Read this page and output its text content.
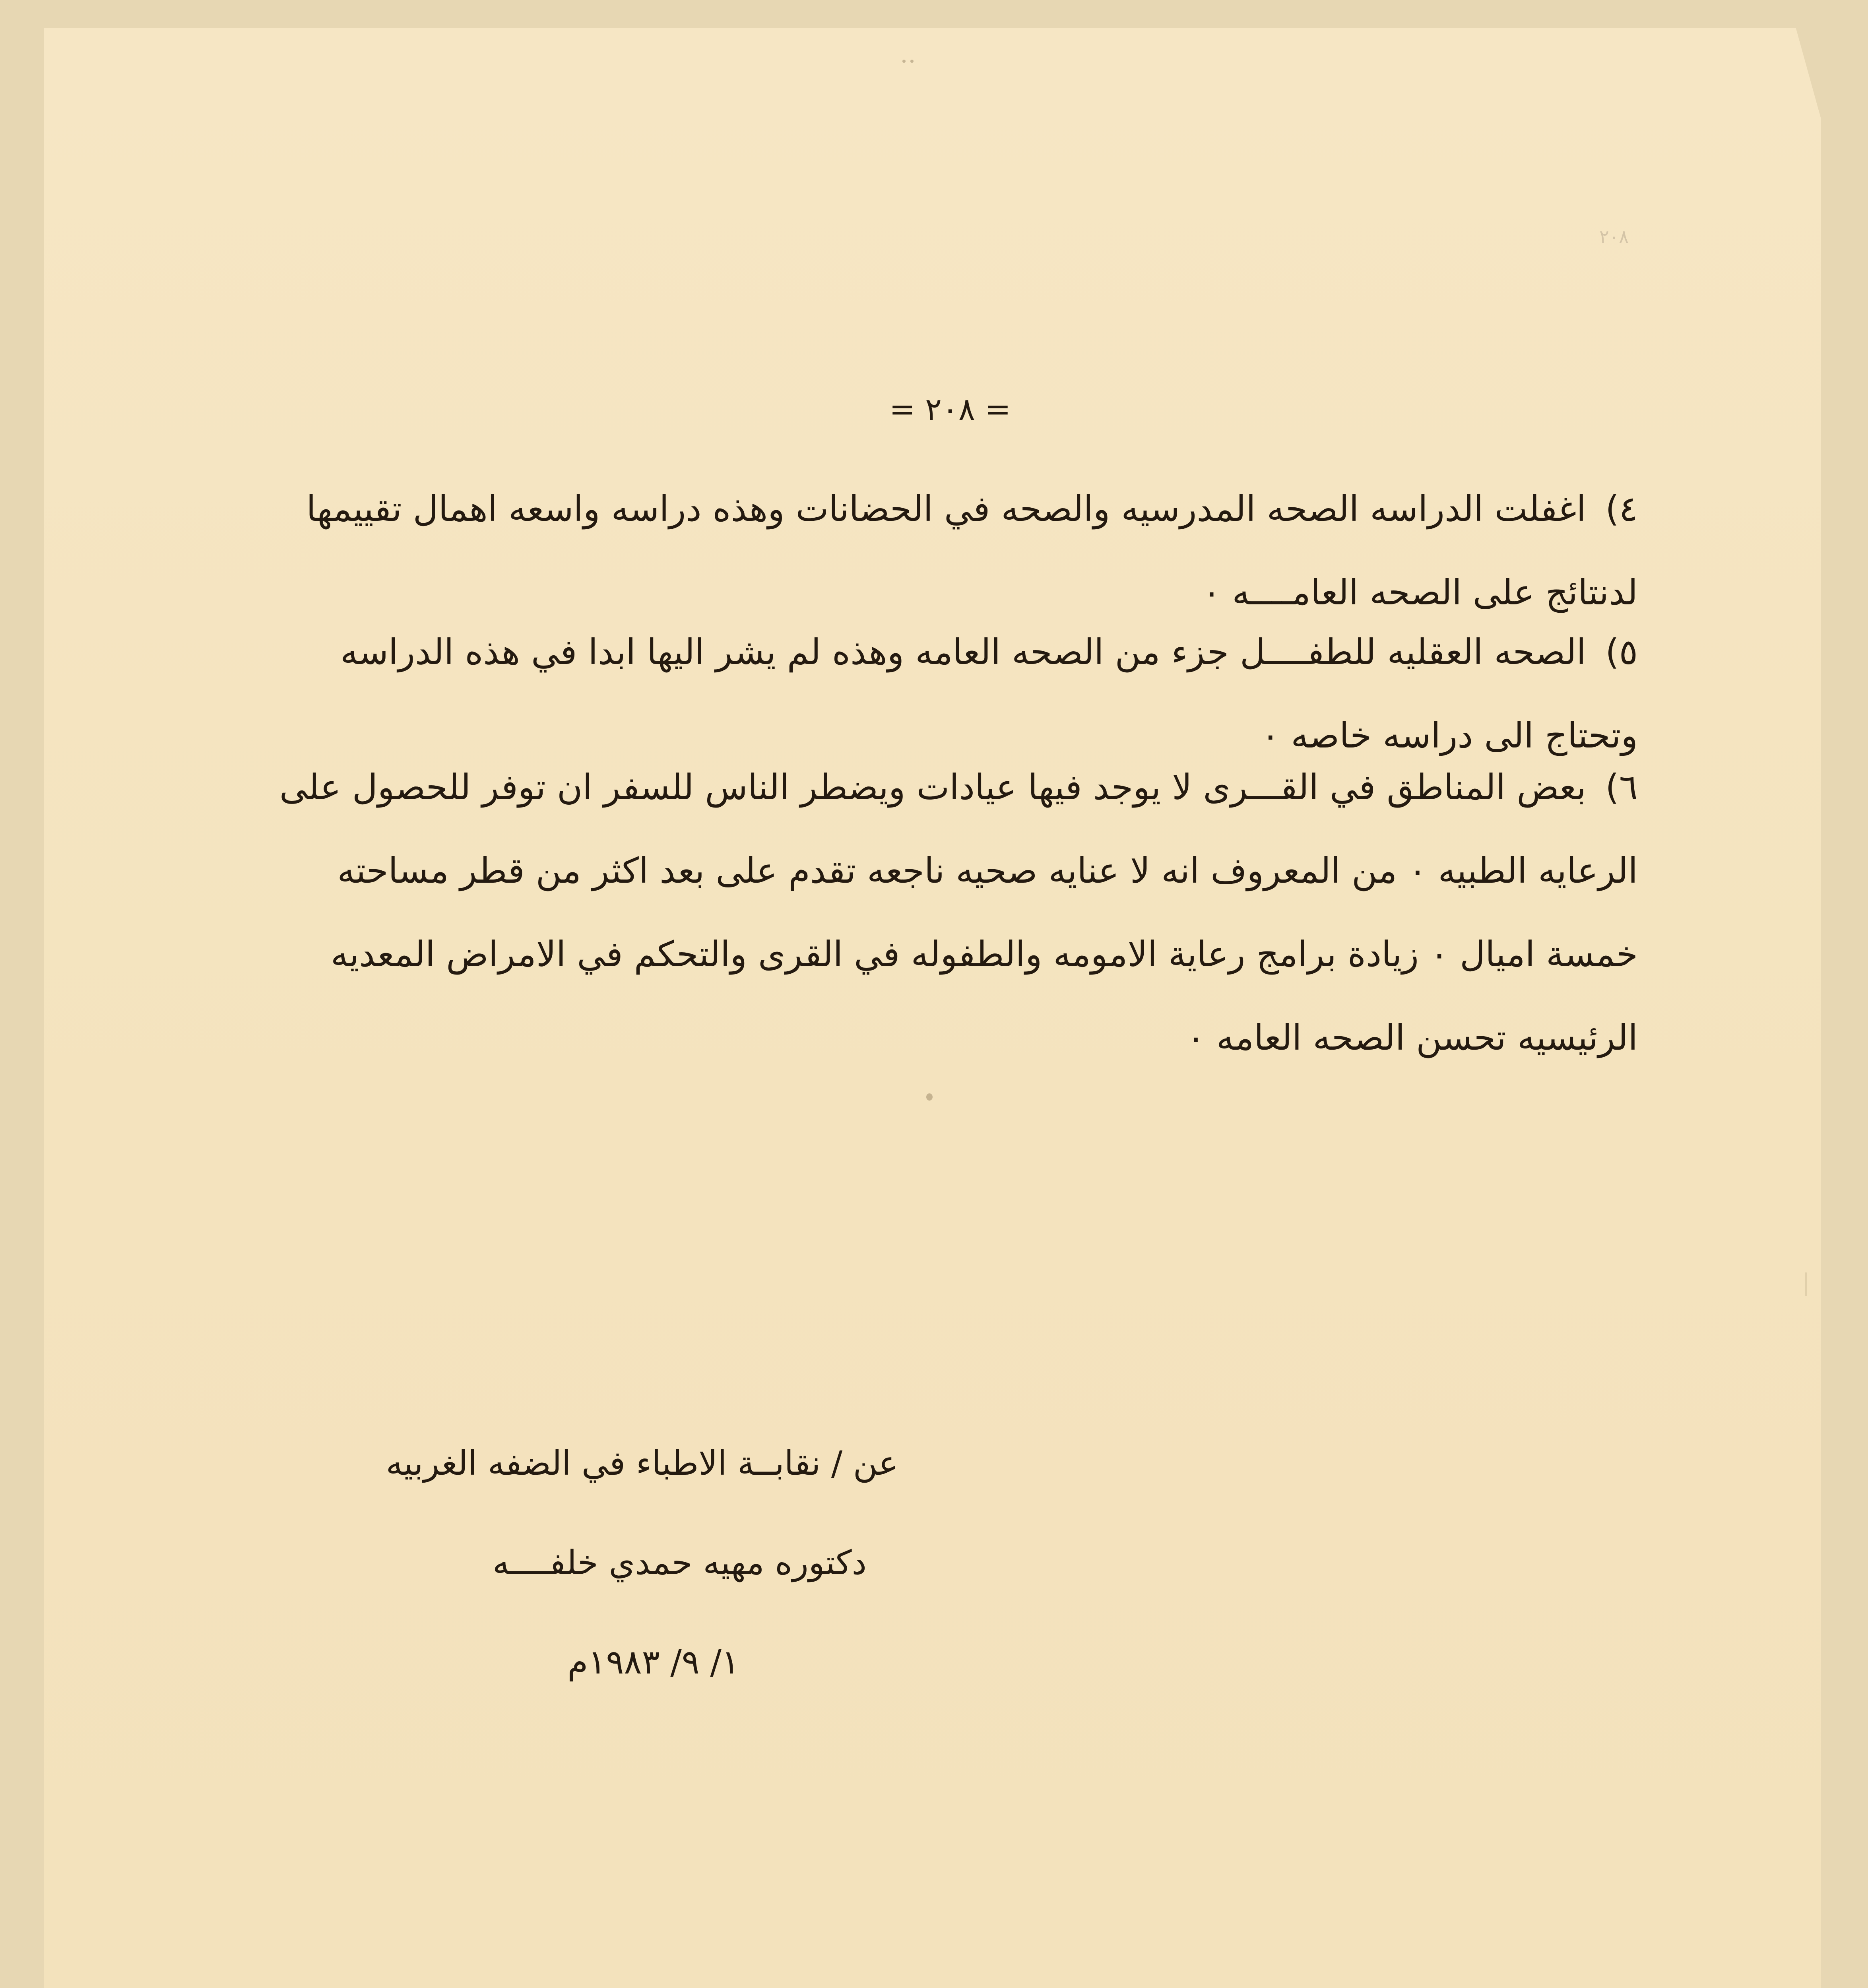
٢٠٨
= ٢٠٨ =
٤)اغفلت الدراسه الصحه المدرسيه والصحه في الحضانات وهذه دراسه واسعه اهمال تقييمها
لدنتائج على الصحه العامــــه ٠
٥)الصحه العقليه للطفــــل جزء من الصحه العامه وهذه لم يشر اليها ابدا في هذه الدراسه
وتحتاج الى دراسه خاصه ٠
٦)بعض المناطق في القـــرى لا يوجد فيها عيادات ويضطر الناس للسفر ان توفر للحصول على
الرعايه الطبيه ٠ من المعروف انه لا عنايه صحيه ناجعه تقدم على بعد اكثر من قطر مساحته
خمسة اميال ٠ زيادة برامج رعاية الامومه والطفوله في القرى والتحكم في الامراض المعديه
الرئيسيه تحسن الصحه العامه ٠
عن / نقابــة الاطباء في الضفه الغربيه
دكتوره مهيه حمدي خلفــــه
١/ ٩/ ١٩٨٣م
